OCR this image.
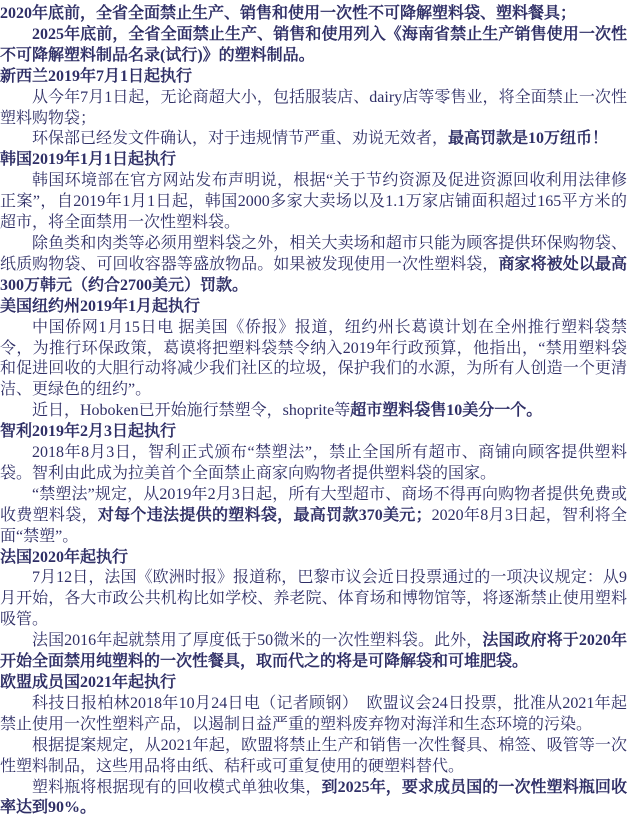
2020年底前，全省全面禁止生产、销售和使用一次性不可降解塑料袋、塑料餐具；

2025年底前，全省全面禁止生产、销售和使用列入《海南省禁止生产销售使用一次性不可降解塑料制品名录(试行)》的塑料制品。

新西兰2019年7月1日起执行

从今年7月1日起，无论商超大小，包括服装店、dairy店等零售业，将全面禁止一次性塑料购物袋；

环保部已经发文件确认，对于违规情节严重、劝说无效者，最高罚款是10万纽币！

韩国2019年1月1日起执行

韩国环境部在官方网站发布声明说，根据“关于节约资源及促进资源回收利用法律修正案”，自2019年1月1日起，韩国2000多家大卖场以及1.1万家店铺面积超过165平方米的超市，将全面禁用一次性塑料袋。

除鱼类和肉类等必须用塑料袋之外，相关大卖场和超市只能为顾客提供环保购物袋、纸质购物袋、可回收容器等盛放物品。如果被发现使用一次性塑料袋，商家将被处以最高300万韩元（约合2700美元）罚款。

美国纽约州2019年1月起执行

中国侨网1月15日电 据美国《侨报》报道，纽约州长葛谟计划在全州推行塑料袋禁令，为推行环保政策，葛谟将把塑料袋禁令纳入2019年行政预算，他指出，“禁用塑料袋和促进回收的大胆行动将减少我们社区的垃圾，保护我们的水源，为所有人创造一个更清洁、更绿色的纽约”。

近日，Hoboken已开始施行禁塑令，shoprite等超市塑料袋售10美分一个。

智利2019年2月3日起执行

2018年8月3日，智利正式颁布“禁塑法”，禁止全国所有超市、商铺向顾客提供塑料袋。智利由此成为拉美首个全面禁止商家向购物者提供塑料袋的国家。

“禁塑法”规定，从2019年2月3日起，所有大型超市、商场不得再向购物者提供免费或收费塑料袋，对每个违法提供的塑料袋，最高罚款370美元；2020年8月3日起，智利将全面“禁塑”。

法国2020年起执行

7月12日，法国《欧洲时报》报道称，巴黎市议会近日投票通过的一项决议规定：从9月开始，各大市政公共机构比如学校、养老院、体育场和博物馆等，将逐渐禁止使用塑料吸管。

法国2016年起就禁用了厚度低于50微米的一次性塑料袋。此外，法国政府将于2020年开始全面禁用纯塑料的一次性餐具，取而代之的将是可降解袋和可堆肥袋。

欧盟成员国2021年起执行

科技日报柏林2018年10月24日电（记者顾钢）　欧盟议会24日投票，批准从2021年起禁止使用一次性塑料产品，以遏制日益严重的塑料废弃物对海洋和生态环境的污染。

根据提案规定，从2021年起，欧盟将禁止生产和销售一次性餐具、棉签、吸管等一次性塑料制品，这些用品将由纸、秸秆或可重复使用的硬塑料替代。

塑料瓶将根据现有的回收模式单独收集，到2025年，要求成员国的一次性塑料瓶回收率达到90%。
